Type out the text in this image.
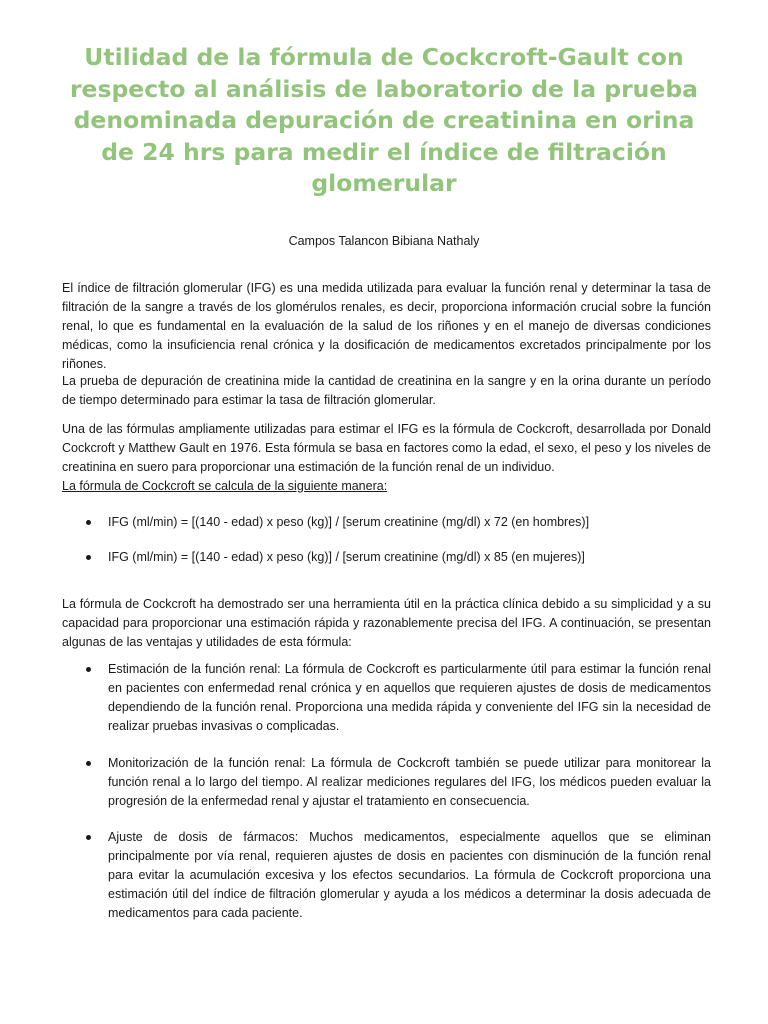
Utilidad de la fórmula de Cockcroft-Gault con respecto al análisis de laboratorio de la prueba denominada depuración de creatinina en orina de 24 hrs para medir el índice de filtración glomerular
Campos Talancon Bibiana Nathaly

El índice de filtración glomerular (IFG) es una medida utilizada para evaluar la función renal y determinar la tasa de filtración de la sangre a través de los glomérulos renales, es decir, proporciona información crucial sobre la función renal, lo que es fundamental en la evaluación de la salud de los riñones y en el manejo de diversas condiciones médicas, como la insuficiencia renal crónica y la dosificación de medicamentos excretados principalmente por los riñones.

La prueba de depuración de creatinina mide la cantidad de creatinina en la sangre y en la orina durante un período de tiempo determinado para estimar la tasa de filtración glomerular.

Una de las fórmulas ampliamente utilizadas para estimar el IFG es la fórmula de Cockcroft, desarrollada por Donald Cockcroft y Matthew Gault en 1976. Esta fórmula se basa en factores como la edad, el sexo, el peso y los niveles de creatinina en suero para proporcionar una estimación de la función renal de un individuo.

La fórmula de Cockcroft se calcula de la siguiente manera:

IFG (ml/min) = [(140 - edad) x peso (kg)] / [serum creatinine (mg/dl) x 72 (en hombres)]
IFG (ml/min) = [(140 - edad) x peso (kg)] / [serum creatinine (mg/dl) x 85 (en mujeres)]

La fórmula de Cockcroft ha demostrado ser una herramienta útil en la práctica clínica debido a su simplicidad y a su capacidad para proporcionar una estimación rápida y razonablemente precisa del IFG. A continuación, se presentan algunas de las ventajas y utilidades de esta fórmula:

Estimación de la función renal: La fórmula de Cockcroft es particularmente útil para estimar la función renal en pacientes con enfermedad renal crónica y en aquellos que requieren ajustes de dosis de medicamentos dependiendo de la función renal. Proporciona una medida rápida y conveniente del IFG sin la necesidad de realizar pruebas invasivas o complicadas.
Monitorización de la función renal: La fórmula de Cockcroft también se puede utilizar para monitorear la función renal a lo largo del tiempo. Al realizar mediciones regulares del IFG, los médicos pueden evaluar la progresión de la enfermedad renal y ajustar el tratamiento en consecuencia.
Ajuste de dosis de fármacos: Muchos medicamentos, especialmente aquellos que se eliminan principalmente por vía renal, requieren ajustes de dosis en pacientes con disminución de la función renal para evitar la acumulación excesiva y los efectos secundarios. La fórmula de Cockcroft proporciona una estimación útil del índice de filtración glomerular y ayuda a los médicos a determinar la dosis adecuada de medicamentos para cada paciente.
